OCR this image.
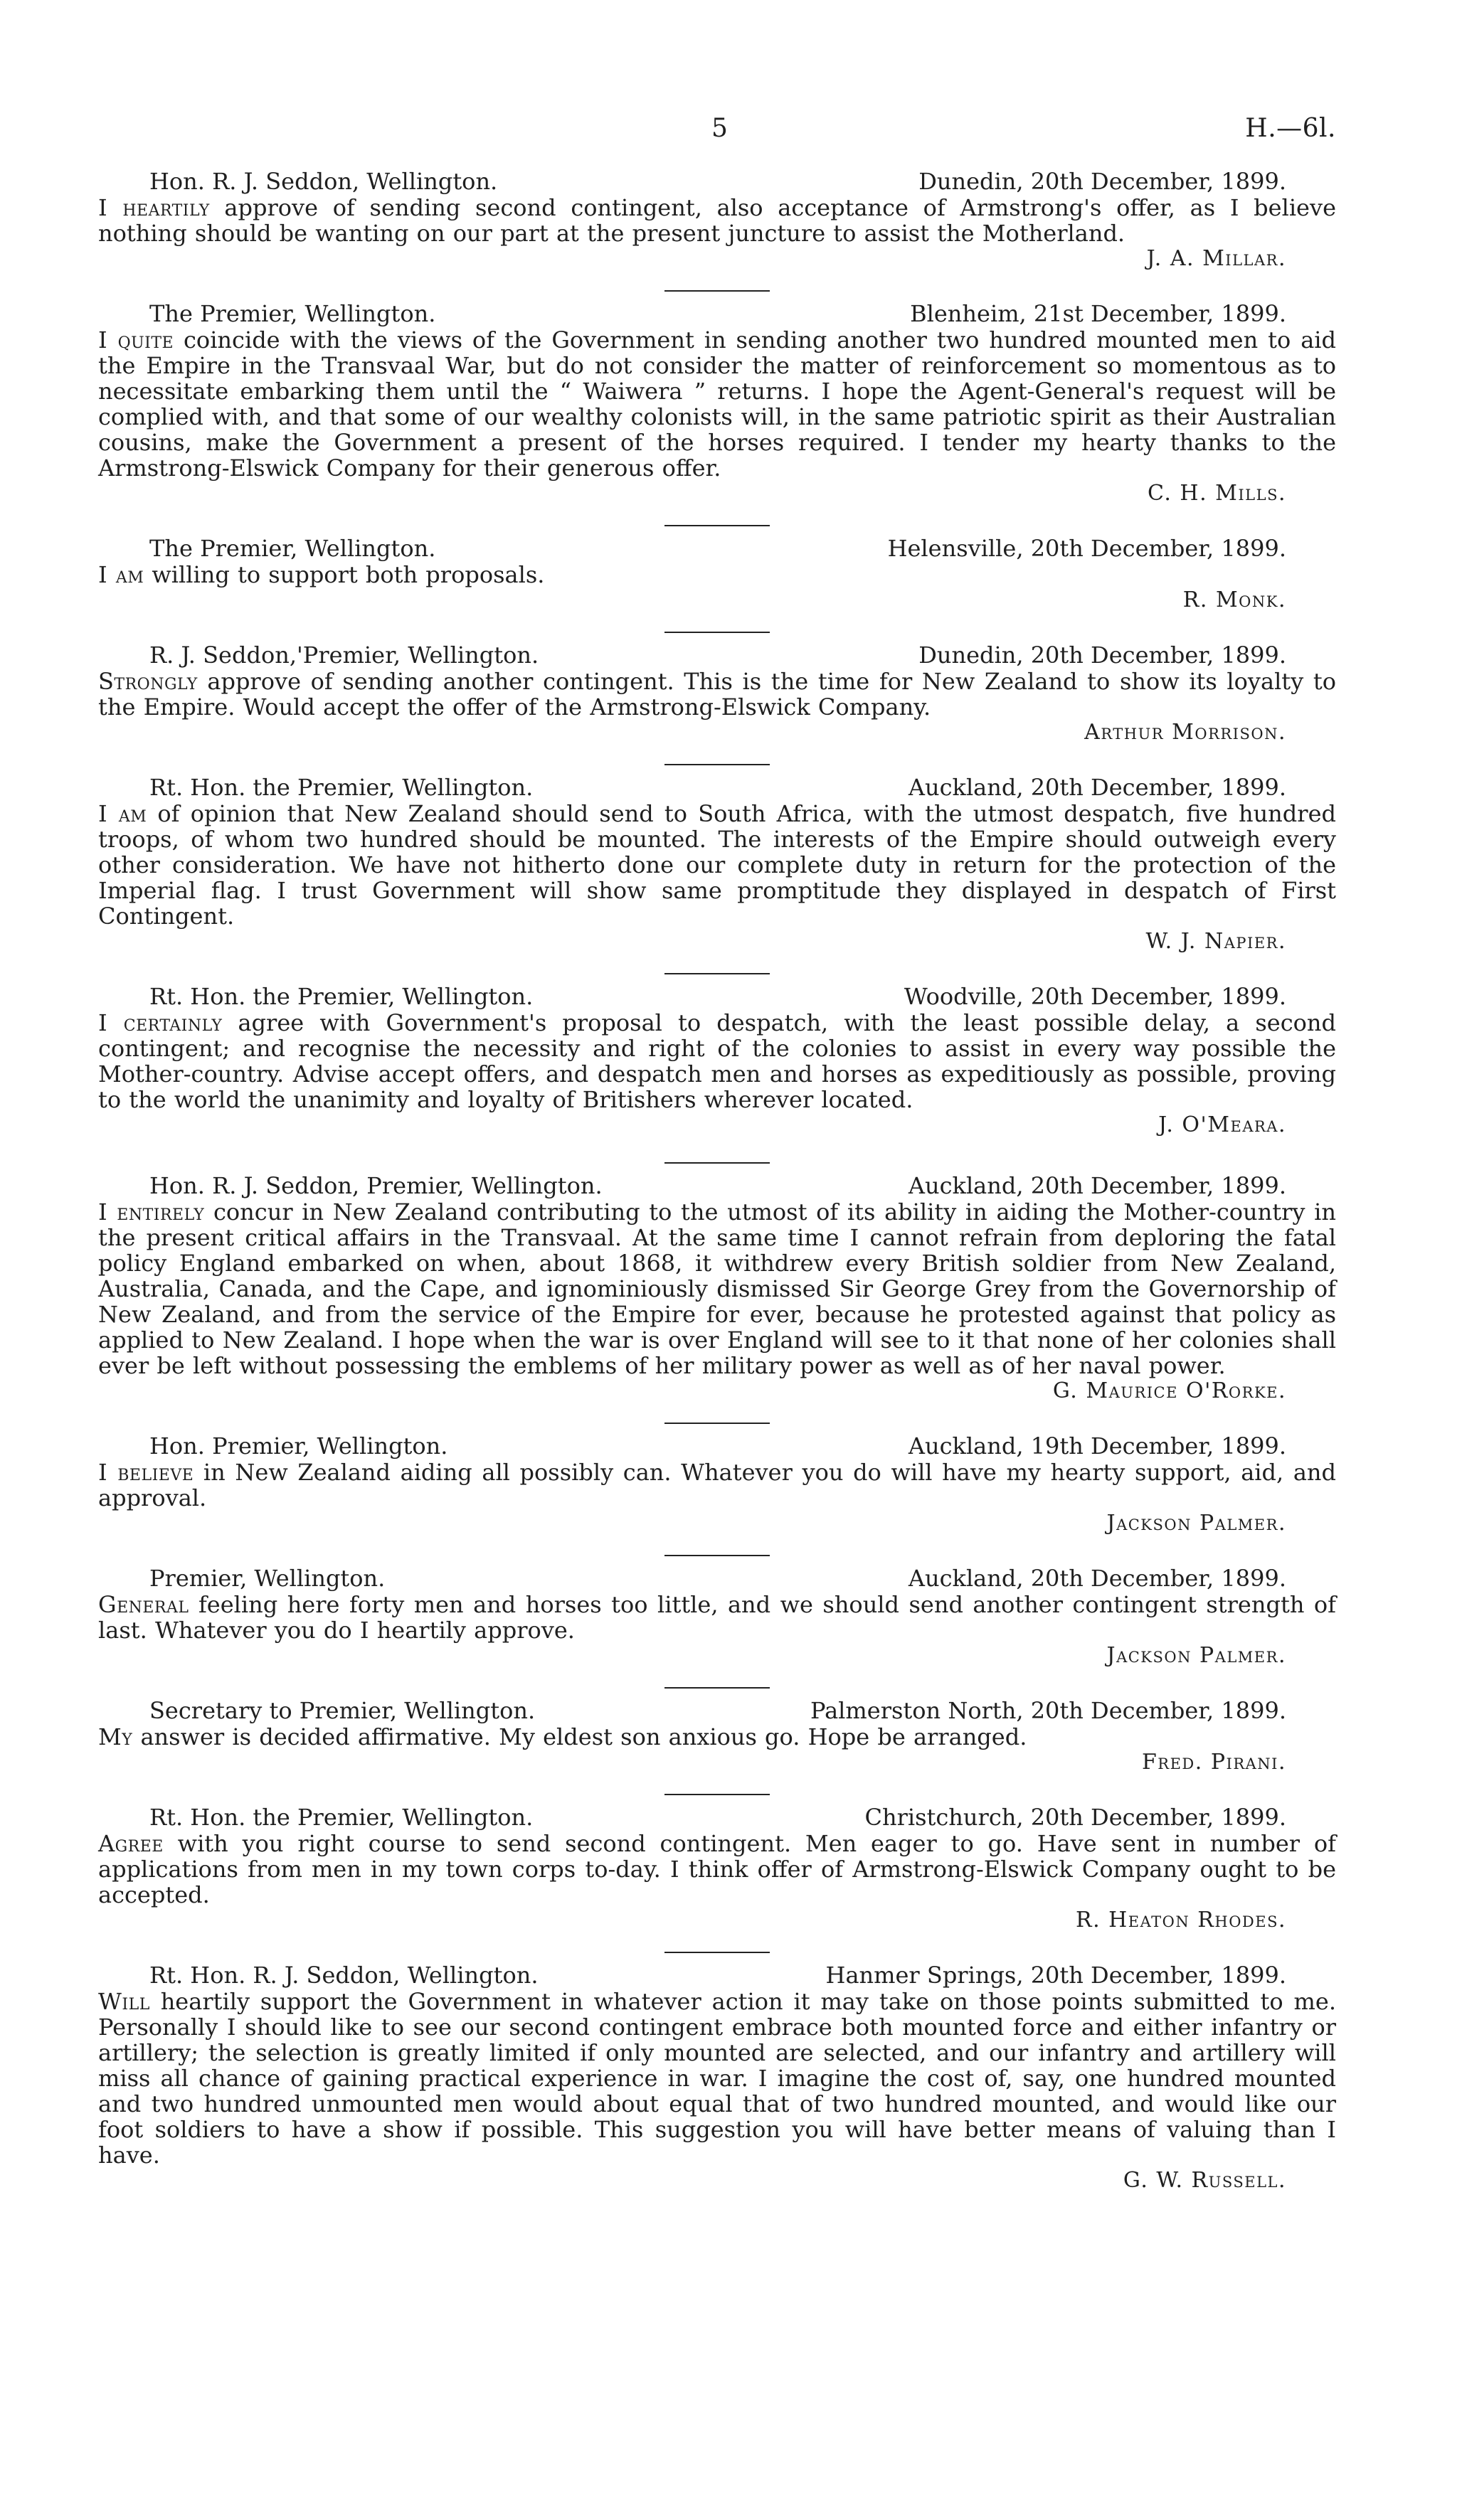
5	H.—6l.
Hon. R. J. Seddon, Wellington.	Dunedin, 20th December, 1899.

I heartily approve of sending second contingent, also acceptance of Armstrong's offer, as I believe nothing should be wanting on our part at the present juncture to assist the Motherland.

J. A. Millar.
The Premier, Wellington.	Blenheim, 21st December, 1899.

I quite coincide with the views of the Government in sending another two hundred mounted men to aid the Empire in the Transvaal War, but do not consider the matter of reinforcement so momentous as to necessitate embarking them until the “ Waiwera ” returns. I hope the Agent-General's request will be complied with, and that some of our wealthy colonists will, in the same patriotic spirit as their Australian cousins, make the Government a present of the horses required. I tender my hearty thanks to the Armstrong-Elswick Company for their generous offer.

C. H. Mills.
The Premier, Wellington.	Helensville, 20th December, 1899.

I am willing to support both proposals.

R. Monk.
R. J. Seddon,'Premier, Wellington.	Dunedin, 20th December, 1899.

Strongly approve of sending another contingent. This is the time for New Zealand to show its loyalty to the Empire. Would accept the offer of the Armstrong-Elswick Company.

Arthur Morrison.
Rt. Hon. the Premier, Wellington.	Auckland, 20th December, 1899.

I am of opinion that New Zealand should send to South Africa, with the utmost despatch, five hundred troops, of whom two hundred should be mounted. The interests of the Empire should outweigh every other consideration. We have not hitherto done our complete duty in return for the protection of the Imperial flag. I trust Government will show same promptitude they displayed in despatch of First Contingent.

W. J. Napier.
Rt. Hon. the Premier, Wellington.	Woodville, 20th December, 1899.

I certainly agree with Government's proposal to despatch, with the least possible delay, a second contingent; and recognise the necessity and right of the colonies to assist in every way possible the Mother-country. Advise accept offers, and despatch men and horses as expeditiously as possible, proving to the world the unanimity and loyalty of Britishers wherever located.

J. O'Meara.
Hon. R. J. Seddon, Premier, Wellington.	Auckland, 20th December, 1899.

I entirely concur in New Zealand contributing to the utmost of its ability in aiding the Mother-country in the present critical affairs in the Transvaal. At the same time I cannot refrain from deploring the fatal policy England embarked on when, about 1868, it withdrew every British soldier from New Zealand, Australia, Canada, and the Cape, and ignominiously dismissed Sir George Grey from the Governorship of New Zealand, and from the service of the Empire for ever, because he protested against that policy as applied to New Zealand. I hope when the war is over England will see to it that none of her colonies shall ever be left without possessing the emblems of her military power as well as of her naval power.

G. Maurice O'Rorke.
Hon. Premier, Wellington.	Auckland, 19th December, 1899.

I believe in New Zealand aiding all possibly can. Whatever you do will have my hearty support, aid, and approval.

Jackson Palmer.
Premier, Wellington.	Auckland, 20th December, 1899.

General feeling here forty men and horses too little, and we should send another contingent strength of last. Whatever you do I heartily approve.

Jackson Palmer.
Secretary to Premier, Wellington.	Palmerston North, 20th December, 1899.

My answer is decided affirmative. My eldest son anxious go. Hope be arranged.

Fred. Pirani.
Rt. Hon. the Premier, Wellington.	Christchurch, 20th December, 1899.

Agree with you right course to send second contingent. Men eager to go. Have sent in number of applications from men in my town corps to-day. I think offer of Armstrong-Elswick Company ought to be accepted.

R. Heaton Rhodes.
Rt. Hon. R. J. Seddon, Wellington.	Hanmer Springs, 20th December, 1899.

Will heartily support the Government in whatever action it may take on those points submitted to me. Personally I should like to see our second contingent embrace both mounted force and either infantry or artillery; the selection is greatly limited if only mounted are selected, and our infantry and artillery will miss all chance of gaining practical experience in war. I imagine the cost of, say, one hundred mounted and two hundred unmounted men would about equal that of two hundred mounted, and would like our foot soldiers to have a show if possible. This suggestion you will have better means of valuing than I have.

G. W. Russell.
